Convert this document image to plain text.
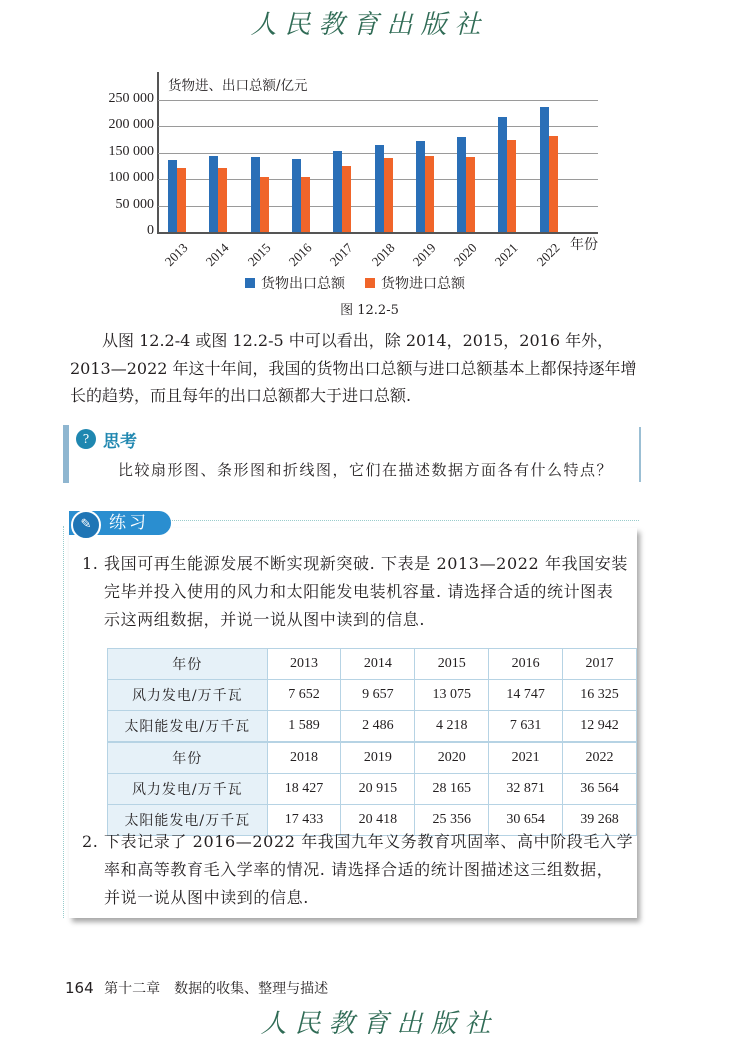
人民教育出版社
货物进、出口总额/亿元
0
50 000
100 000
150 000
200 000
250 000
2013 2014 2015 2016 2017 2018 2019 2020 2021 2022 年份
货物出口总额	货物进口总额
图 12.2-5
从图 12.2-4 或图 12.2-5 中可以看出，除 2014，2015，2016 年外，2013—2022 年这十年间，我国的货物出口总额与进口总额基本上都保持逐年增长的趋势，而且每年的出口总额都大于进口总额.
? 思考
比较扇形图、条形图和折线图，它们在描述数据方面各有什么特点？
1. 我国可再生能源发展不断实现新突破. 下表是 2013—2022 年我国安装
完毕并投入使用的风力和太阳能发电装机容量. 请选择合适的统计图表
示这两组数据，并说一说从图中读到的信息.
年份	2013	2014	2015	2016	2017
风力发电/万千瓦	7 652	9 657	13 075	14 747	16 325
太阳能发电/万千瓦	1 589	2 486	4 218	7 631	12 942
年份	2018	2019	2020	2021	2022
风力发电/万千瓦	18 427	20 915	28 165	32 871	36 564
太阳能发电/万千瓦	17 433	20 418	25 356	30 654	39 268
2. 下表记录了 2016—2022 年我国九年义务教育巩固率、高中阶段毛入学
率和高等教育毛入学率的情况. 请选择合适的统计图描述这三组数据，
并说一说从图中读到的信息.
✎	练习
164 第十二章　数据的收集、整理与描述
人民教育出版社
